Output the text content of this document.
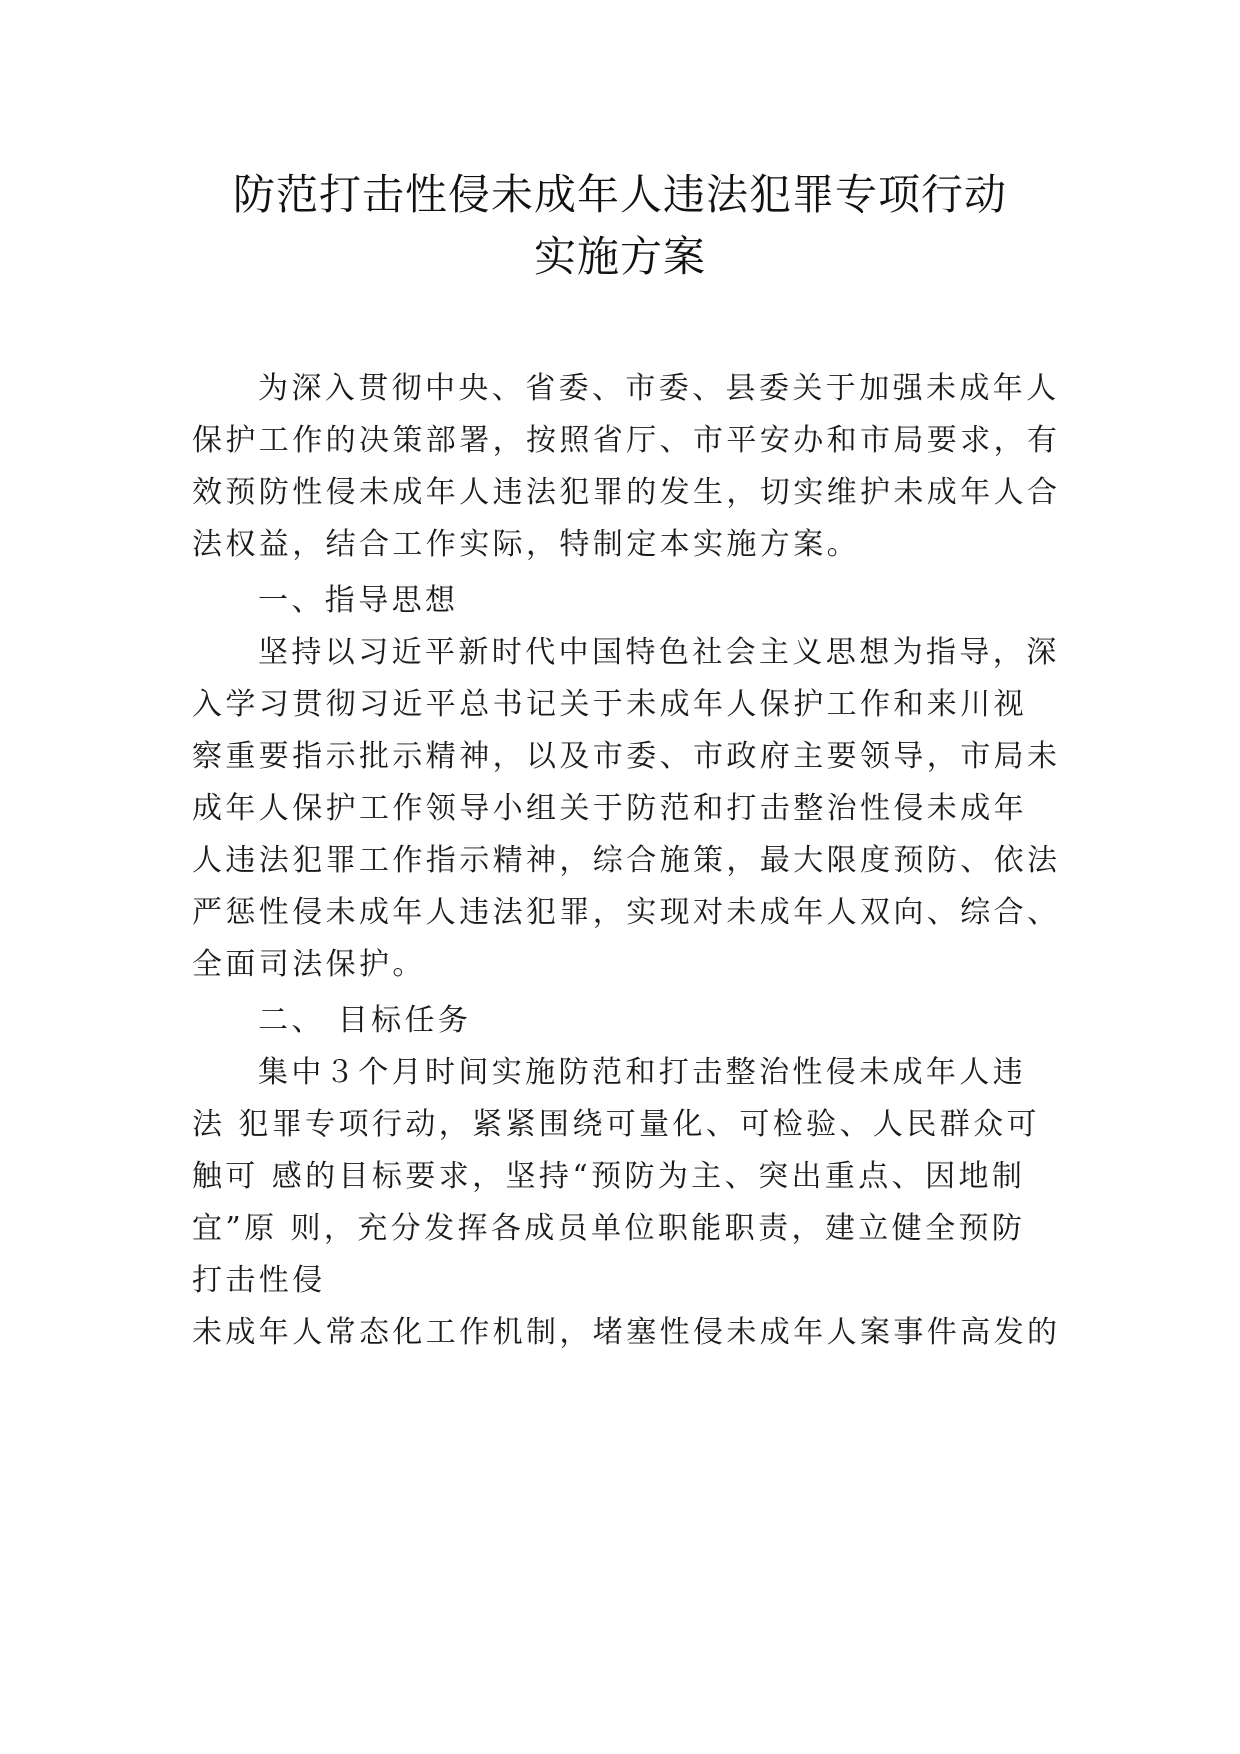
防范打击性侵未成年人违法犯罪专项行动
实施方案
为深入贯彻中央、省委、市委、县委关于加强未成年人
保护工作的决策部署，按照省厅、市平安办和市局要求，有
效预防性侵未成年人违法犯罪的发生，切实维护未成年人合
法权益，结合工作实际，特制定本实施方案。
一、指导思想
坚持以习近平新时代中国特色社会主义思想为指导，深
入学习贯彻习近平总书记关于未成年人保护工作和来川视
察重要指示批示精神，以及市委、市政府主要领导，市局未
成年人保护工作领导小组关于防范和打击整治性侵未成年
人违法犯罪工作指示精神，综合施策，最大限度预防、依法
严惩性侵未成年人违法犯罪，实现对未成年人双向、综合、
全面司法保护。
二、 目标任务
集中３个月时间实施防范和打击整治性侵未成年人违
法 犯罪专项行动，紧紧围绕可量化、可检验、人民群众可
触可 感的目标要求，坚持“预防为主、突出重点、因地制
宜”原 则，充分发挥各成员单位职能职责，建立健全预防
打击性侵
未成年人常态化工作机制，堵塞性侵未成年人案事件高发的
